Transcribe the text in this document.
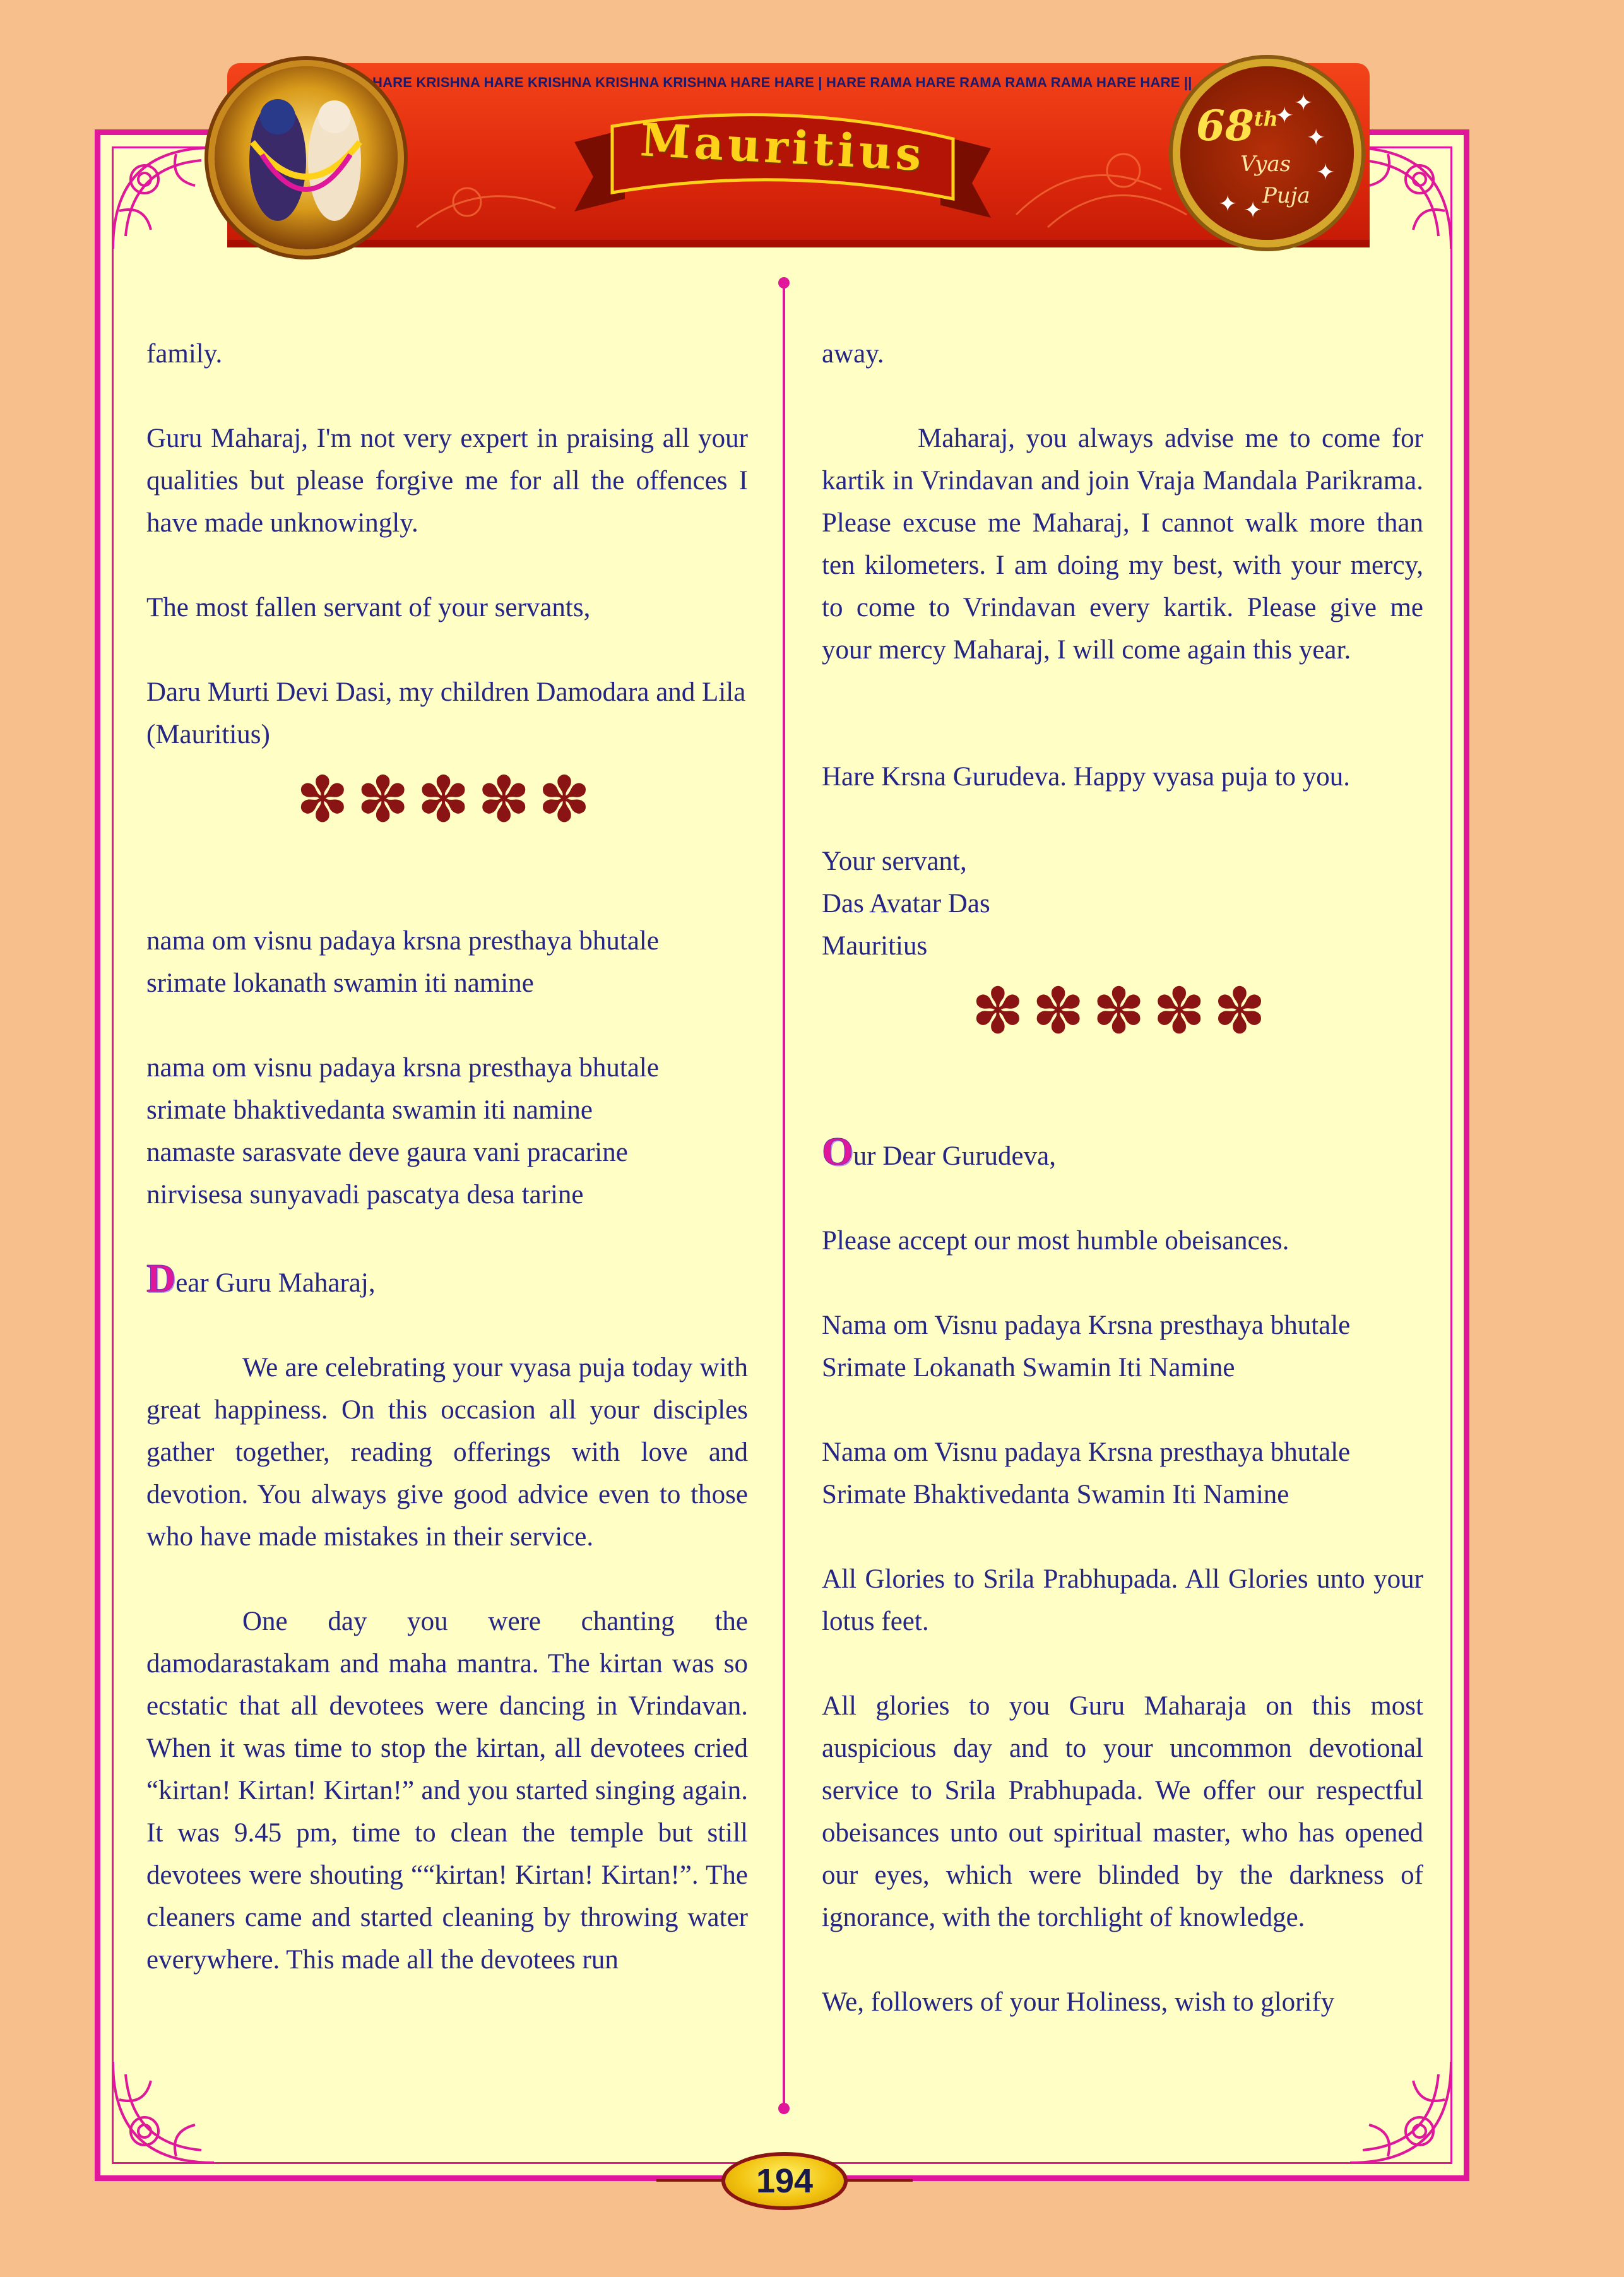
HARE KRISHNA HARE KRISHNA KRISHNA KRISHNA HARE HARE | HARE RAMA HARE RAMA RAMA RAMA HARE HARE ||
Mauritius	68th
Vyas
Puja
✦
✦
✦
✦
✦ ✦

family.

Guru Maharaj, I'm not very expert in praising all your qualities but please forgive me for all the offences I have made unknowingly.

The most fallen servant of your servants,

Daru Murti Devi Dasi, my children Damodara and Lila

(Mauritius)

✽✽✽✽✽

nama om visnu padaya krsna presthaya bhutale

srimate lokanath swamin iti namine

nama om visnu padaya krsna presthaya bhutale

srimate bhaktivedanta swamin iti namine

namaste sarasvate deve gaura vani pracarine

nirvisesa sunyavadi pascatya desa tarine

Dear Guru Maharaj,

We are celebrating your vyasa puja today with great happiness. On this occasion all your disciples gather together, reading offerings with love and devotion. You always give good advice even to those who have made mistakes in their service.

One day you were chanting the damodarastakam and maha mantra. The kirtan was so ecstatic that all devotees were dancing in Vrindavan. When it was time to stop the kirtan, all devotees cried “kirtan! Kirtan! Kirtan!” and you started singing again. It was 9.45 pm, time to clean the temple but still devotees were shouting ““kirtan! Kirtan! Kirtan!”. The cleaners came and started cleaning by throwing water everywhere. This made all the devotees run

away.

Maharaj, you always advise me to come for kartik in Vrindavan and join Vraja Mandala Parikrama. Please excuse me Maharaj, I cannot walk more than ten kilometers. I am doing my best, with your mercy, to come to Vrindavan every kartik. Please give me your mercy Maharaj, I will come again this year.

Hare Krsna Gurudeva. Happy vyasa puja to you.

Your servant,

Das Avatar Das

Mauritius

✽✽✽✽✽

Our Dear Gurudeva,

Please accept our most humble obeisances.

Nama om Visnu padaya Krsna presthaya bhutale

Srimate Lokanath Swamin Iti Namine

Nama om Visnu padaya Krsna presthaya bhutale

Srimate Bhaktivedanta Swamin Iti Namine

All Glories to Srila Prabhupada. All Glories unto your lotus feet.

All glories to you Guru Maharaja on this most auspicious day and to your uncommon devotional service to Srila Prabhupada. We offer our respectful obeisances unto out spiritual master, who has opened our eyes, which were blinded by the darkness of ignorance, with the torchlight of knowledge.

We, followers of your Holiness, wish to glorify

194
